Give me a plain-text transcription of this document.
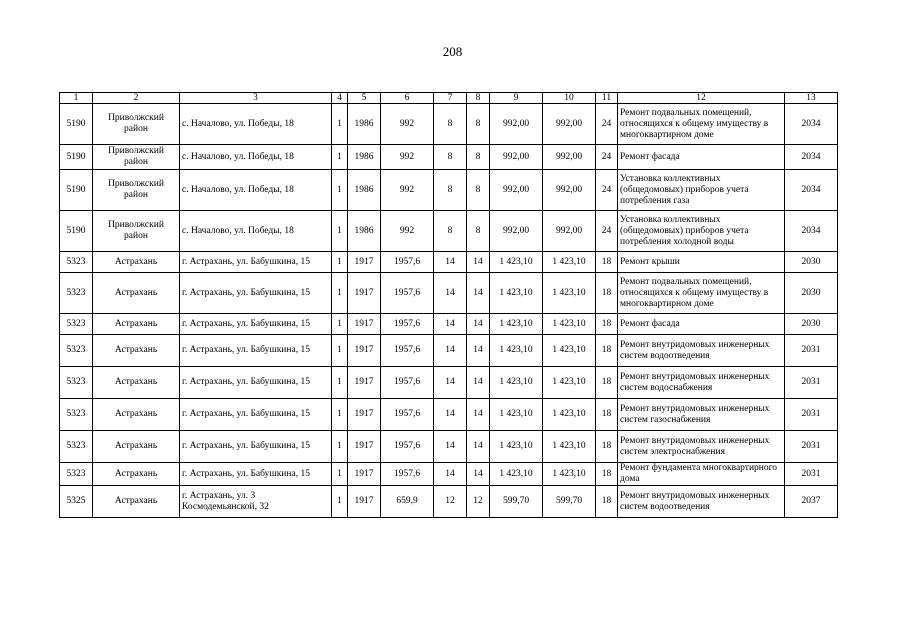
208
1	2	3	4	5	6	7	8	9	10	11	12	13
5190	Приволжский район	с. Началово, ул. Победы, 18	1	1986	992	8	8	992,00	992,00	24	Ремонт подвальных помещений, относящихся к общему имуществу в многоквартирном доме	2034
5190	Приволжский район	с. Началово, ул. Победы, 18	1	1986	992	8	8	992,00	992,00	24	Ремонт фасада	2034
5190	Приволжский район	с. Началово, ул. Победы, 18	1	1986	992	8	8	992,00	992,00	24	Установка коллективных (общедомовых) приборов учета потребления газа	2034
5190	Приволжский район	с. Началово, ул. Победы, 18	1	1986	992	8	8	992,00	992,00	24	Установка коллективных (общедомовых) приборов учета потребления холодной воды	2034
5323	Астрахань	г. Астрахань, ул. Бабушкина, 15	1	1917	1957,6	14	14	1 423,10	1 423,10	18	Ремонт крыши	2030
5323	Астрахань	г. Астрахань, ул. Бабушкина, 15	1	1917	1957,6	14	14	1 423,10	1 423,10	18	Ремонт подвальных помещений, относящихся к общему имуществу в многоквартирном доме	2030
5323	Астрахань	г. Астрахань, ул. Бабушкина, 15	1	1917	1957,6	14	14	1 423,10	1 423,10	18	Ремонт фасада	2030
5323	Астрахань	г. Астрахань, ул. Бабушкина, 15	1	1917	1957,6	14	14	1 423,10	1 423,10	18	Ремонт внутридомовых инженерных систем водоотведения	2031
5323	Астрахань	г. Астрахань, ул. Бабушкина, 15	1	1917	1957,6	14	14	1 423,10	1 423,10	18	Ремонт внутридомовых инженерных систем водоснабжения	2031
5323	Астрахань	г. Астрахань, ул. Бабушкина, 15	1	1917	1957,6	14	14	1 423,10	1 423,10	18	Ремонт внутридомовых инженерных систем газоснабжения	2031
5323	Астрахань	г. Астрахань, ул. Бабушкина, 15	1	1917	1957,6	14	14	1 423,10	1 423,10	18	Ремонт внутридомовых инженерных систем электроснабжения	2031
5323	Астрахань	г. Астрахань, ул. Бабушкина, 15	1	1917	1957,6	14	14	1 423,10	1 423,10	18	Ремонт фундамента многоквартирного дома	2031
5325	Астрахань	г. Астрахань, ул. 3 Космодемьянской, 32	1	1917	659,9	12	12	599,70	599,70	18	Ремонт внутридомовых инженерных систем водоотведения	2037
